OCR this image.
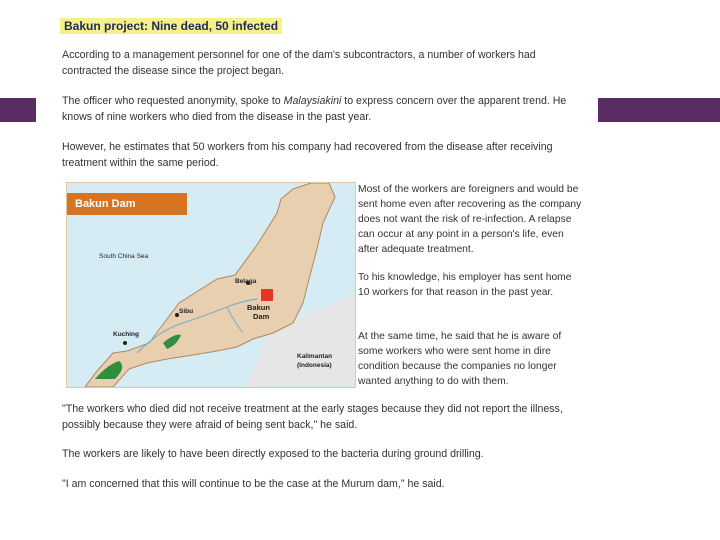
Bakun project: Nine dead, 50 infected

According to a management personnel for one of the dam's subcontractors, a number of workers had contracted the disease since the project began.

The officer who requested anonymity, spoke to Malaysiakini to express concern over the apparent trend. He knows of nine workers who died from the disease in the past year.

However, he estimates that 50 workers from his company had recovered from the disease after receiving treatment within the same period.

"The workers who died did not receive treatment at the early stages because they did not report the illness, possibly because they were afraid of being sent back," he said.

The workers are likely to have been directly exposed to the bacteria during ground drilling.

"I am concerned that this will continue to be the case at the Murum dam," he said.

Bakun Dam
South China Sea
Belaga
Sibu
Kuching
Bakun
Dam
Kalimantan
(Indonesia)

Most of the workers are foreigners and would be sent home even after recovering as the company does not want the risk of re-infection. A relapse can occur at any point in a person's life, even after adequate treatment.

To his knowledge, his employer has sent home 10 workers for that reason in the past year.

At the same time, he said that he is aware of some workers who were sent home in dire condition because the companies no longer wanted anything to do with them.
